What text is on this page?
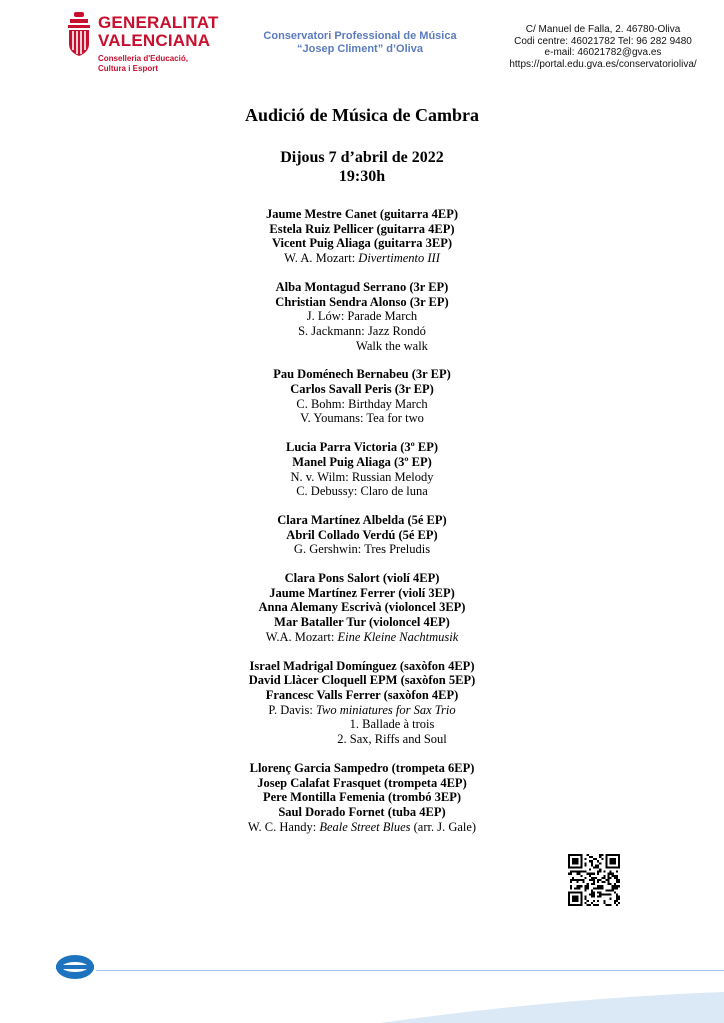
GENERALITAT
VALENCIANA
Conselleria d'Educació,
Cultura i Esport
Conservatori Professional de Música
“Josep Climent” d’Oliva
C/ Manuel de Falla, 2. 46780-Oliva
Codi centre: 46021782 Tel: 96 282 9480
e-mail: 46021782@gva.es
https://portal.edu.gva.es/conservatorioliva/
Audició de Música de Cambra
Dijous 7 d’abril de 2022
19:30h
Jaume Mestre Canet (guitarra 4EP)
Estela Ruiz Pellicer (guitarra 4EP)
Vicent Puig Aliaga (guitarra 3EP)
W. A. Mozart: Divertimento III
Alba Montagud Serrano (3r EP)
Christian Sendra Alonso (3r EP)
J. Lów: Parade March
S. Jackmann: Jazz Rondó
Walk the walk
Pau Doménech Bernabeu (3r EP)
Carlos Savall Peris (3r EP)
C. Bohm: Birthday March
V. Youmans: Tea for two
Lucia Parra Victoria (3º EP)
Manel Puig Aliaga (3º EP)
N. v. Wilm: Russian Melody
C. Debussy: Claro de luna
Clara Martínez Albelda (5é EP)
Abril Collado Verdú (5é EP)
G. Gershwin: Tres Preludis
Clara Pons Salort (violí 4EP)
Jaume Martínez Ferrer (violí 3EP)
Anna Alemany Escrivà (violoncel 3EP)
Mar Bataller Tur (violoncel 4EP)
W.A. Mozart: Eine Kleine Nachtmusik
Israel Madrigal Domínguez (saxòfon 4EP)
David Llàcer Cloquell EPM (saxòfon 5EP)
Francesc Valls Ferrer (saxòfon 4EP)
P. Davis: Two miniatures for Sax Trio
1. Ballade à trois
2. Sax, Riffs and Soul
Llorenç Garcia Sampedro (trompeta 6EP)
Josep Calafat Frasquet (trompeta 4EP)
Pere Montilla Femenia (trombó 3EP)
Saul Dorado Fornet (tuba 4EP)
W. C. Handy: Beale Street Blues (arr. J. Gale)
